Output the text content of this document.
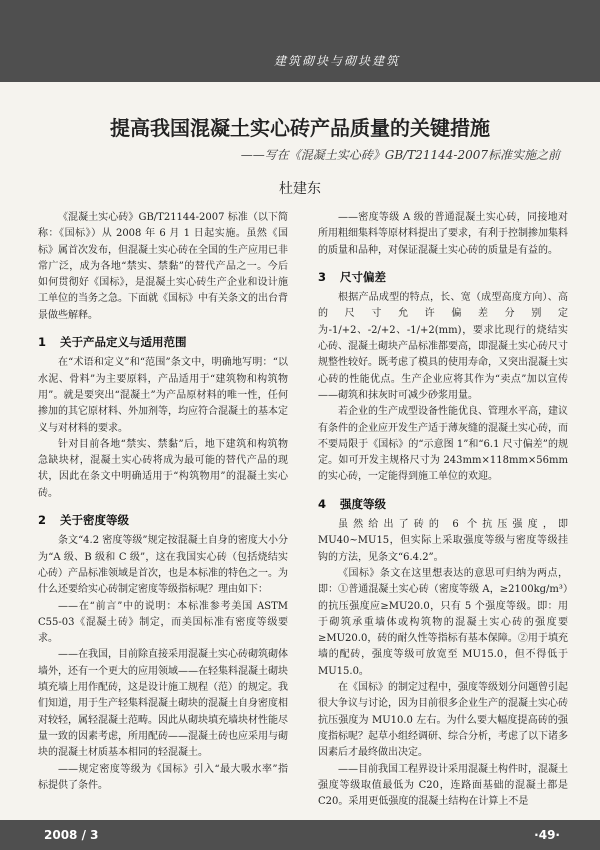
建筑砌块与砌块建筑
提高我国混凝土实心砖产品质量的关键措施
——写在《混凝土实心砖》GB/T21144-2007标准实施之前
杜建东

《混凝土实心砖》GB/T21144-2007 标准（以下简称：《国标》）从 2008 年 6 月 1 日起实施。虽然《国标》属首次发布，但混凝土实心砖在全国的生产应用已非常广泛，成为各地“禁实、禁黏”的替代产品之一。今后如何贯彻好《国标》，是混凝土实心砖生产企业和设计施工单位的当务之急。下面就《国标》中有关条文的出台背景做些解释。

1 关于产品定义与适用范围

在“术语和定义”和“范围”条文中，明确地写明：“以水泥、骨料”为主要原料，产品适用于“建筑物和构筑物用”。就是要突出“混凝土”为产品原材料的唯一性，任何掺加的其它原材料、外加剂等，均应符合混凝土的基本定义与对材料的要求。

针对目前各地“禁实、禁黏”后，地下建筑和构筑物急缺块材，混凝土实心砖将成为最可能的替代产品的现状，因此在条文中明确适用于“构筑物用”的混凝土实心砖。

2 关于密度等级

条文“4.2 密度等级”规定按混凝土自身的密度大小分为“A 级、B 级和 C 级”，这在我国实心砖（包括烧结实心砖）产品标准领域是首次，也是本标准的特色之一。为什么还要给实心砖制定密度等级指标呢？理由如下：

——在“前言”中的说明：本标准参考美国 ASTM C55-03《混凝土砖》制定，而美国标准有密度等级要求。

——在我国，目前除直接采用混凝土实心砖砌筑砌体墙外，还有一个更大的应用领域——在轻集料混凝土砌块填充墙上用作配砖，这是设计施工规程（范）的规定。我们知道，用于生产轻集料混凝土砌块的混凝土自身密度相对较轻，属轻混凝土范畴。因此从砌块填充墙块材性能尽量一致的因素考虑，所用配砖——混凝土砖也应采用与砌块的混凝土材质基本相同的轻混凝土。

——规定密度等级为《国标》引入“最大吸水率”指标提供了条件。

——密度等级 A 级的普通混凝土实心砖，同接地对所用粗细集料等原材料提出了要求，有利于控制掺加集料的质量和品种，对保证混凝土实心砖的质量是有益的。

3 尺寸偏差

根据产品成型的特点，长、宽（成型高度方向）、高的尺寸允许偏差分别定为-1/+2、-2/+2、-1/+2(mm)，要求比现行的烧结实心砖、混凝土砌块产品标准都要高，即混凝土实心砖尺寸规整性较好。既考虑了模具的使用寿命，又突出混凝土实心砖的性能优点。生产企业应将其作为“卖点”加以宣传——砌筑和抹灰时可减少砂浆用量。

若企业的生产成型设备性能优良、管理水平高，建议有条件的企业应开发生产适于薄灰缝的混凝土实心砖，而不要局限于《国标》的“示意图 1”和“6.1 尺寸偏差”的规定。如可开发主规格尺寸为 243mm×118mm×56mm 的实心砖，一定能得到施工单位的欢迎。

4 强度等级

虽然给出了砖的 6 个抗压强度，即 MU40~MU15，但实际上采取强度等级与密度等级挂钩的方法，见条文“6.4.2”。

《国标》条文在这里想表达的意思可归纳为两点，即：①普通混凝土实心砖（密度等级 A，≥2100kg/m³）的抗压强度应≥MU20.0，只有 5 个强度等级。即：用于砌筑承重墙体或构筑物的混凝土实心砖的强度要≥MU20.0，砖的耐久性等指标有基本保障。②用于填充墙的配砖，强度等级可放宽至 MU15.0，但不得低于 MU15.0。

在《国标》的制定过程中，强度等级划分问题曾引起很大争议与讨论，因为目前很多企业生产的混凝土实心砖抗压强度为 MU10.0 左右。为什么要大幅度提高砖的强度指标呢？起草小组经调研、综合分析，考虑了以下诸多因素后才最终做出决定。

——目前我国工程界设计采用混凝土构件时，混凝土强度等级取值最低为 C20，连路面基础的混凝土都是 C20。采用更低强度的混凝土结构在计算上不是

2008 / 3	·49·
